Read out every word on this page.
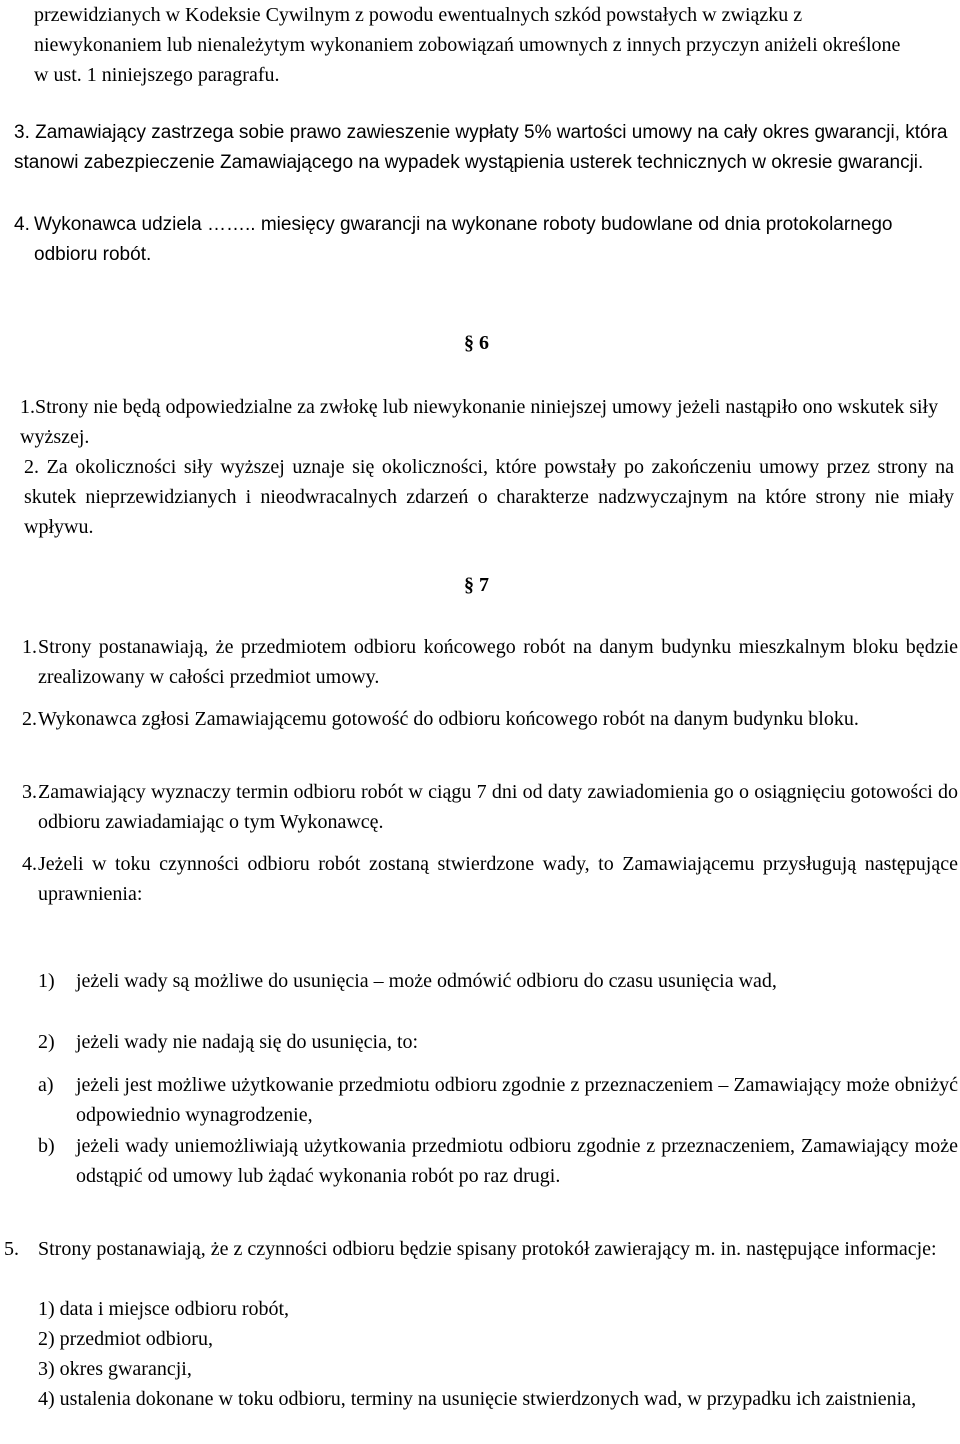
przewidzianych w Kodeksie Cywilnym z powodu ewentualnych szkód powstałych w związku z niewykonaniem lub nienależytym wykonaniem zobowiązań umownych z innych przyczyn aniżeli określone w ust. 1 niniejszego paragrafu.

3. Zamawiający zastrzega sobie prawo zawieszenie wypłaty 5% wartości umowy na cały okres gwarancji, która stanowi zabezpieczenie Zamawiającego na wypadek wystąpienia usterek technicznych w okresie gwarancji.

4. Wykonawca udziela …….. miesięcy gwarancji na wykonane roboty budowlane od dnia protokolarnego odbioru robót.
§ 6

1.Strony nie będą odpowiedzialne za zwłokę lub niewykonanie niniejszej umowy jeżeli nastąpiło ono wskutek siły wyższej.

2. Za okoliczności siły wyższej uznaje się okoliczności, które powstały po zakończeniu umowy przez strony na skutek nieprzewidzianych i nieodwracalnych zdarzeń o charakterze nadzwyczajnym na które strony nie miały wpływu.

§ 7
1. Strony postanawiają, że przedmiotem odbioru końcowego robót na danym budynku mieszkalnym bloku będzie zrealizowany w całości przedmiot umowy.
2. Wykonawca zgłosi Zamawiającemu gotowość do odbioru końcowego robót na danym budynku bloku.
3. Zamawiający wyznaczy termin odbioru robót w ciągu 7 dni od daty zawiadomienia go o osiągnięciu gotowości do odbioru zawiadamiając o tym Wykonawcę.
4. Jeżeli w toku czynności odbioru robót zostaną stwierdzone wady, to Zamawiającemu przysługują następujące uprawnienia:
1)	jeżeli wady są możliwe do usunięcia – może odmówić odbioru do czasu usunięcia wad,
2)	jeżeli wady nie nadają się do usunięcia, to:
a)	jeżeli jest możliwe użytkowanie przedmiotu odbioru zgodnie z przeznaczeniem – Zamawiający może obniżyć odpowiednio wynagrodzenie,
b)	jeżeli wady uniemożliwiają użytkowania przedmiotu odbioru zgodnie z przeznaczeniem, Zamawiający może odstąpić od umowy lub żądać wykonania robót po raz drugi.
5. Strony postanawiają, że z czynności odbioru będzie spisany protokół zawierający m. in. następujące informacje:
1) data i miejsce odbioru robót,
2) przedmiot odbioru,
3) okres gwarancji,
4) ustalenia dokonane w toku odbioru, terminy na usunięcie stwierdzonych wad, w przypadku ich zaistnienia,
